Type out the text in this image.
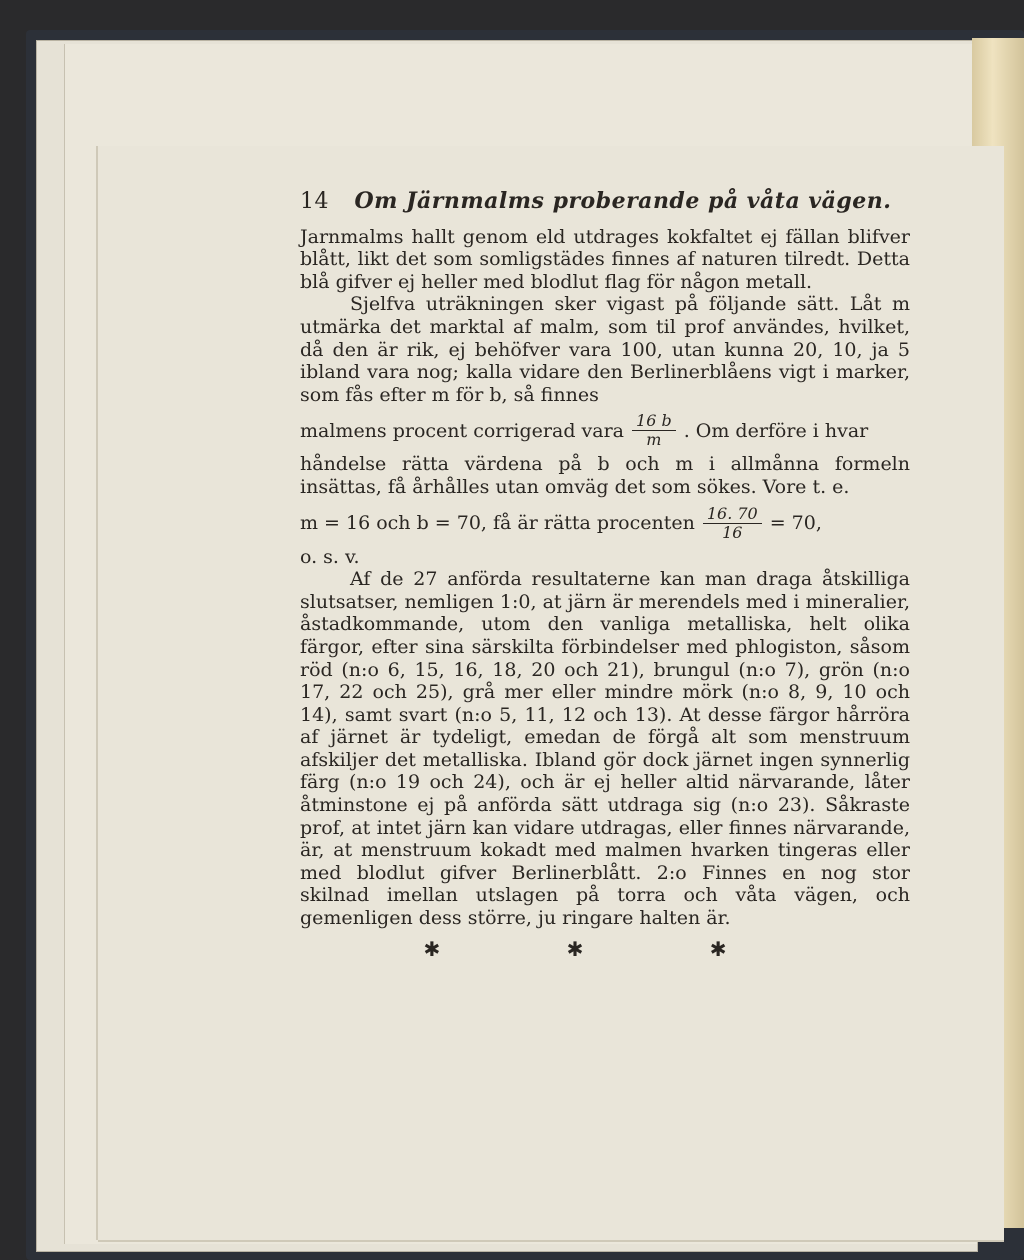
14 Om Järnmalms proberande på våta vägen.

Jarnmalms hallt genom eld utdrages kokfaltet ej fällan blifver blått, likt det som somligstädes finnes af naturen tilredt. Detta blå gifver ej heller med blodlut flag för någon metall.

Sjelfva uträkningen sker vigast på följande sätt. Låt m utmärka det marktal af malm, som til prof användes, hvilket, då den är rik, ej behöfver vara 100, utan kunna 20, 10, ja 5 ibland vara nog; kalla vidare den Berlinerblåens vigt i marker, som fås efter m för b, så finnes

malmens procent corrigerad vara $\frac{16 b}{m}$ . Om derföre i hvar

håndelse rätta värdena på b och m i allmånna formeln insättas, få århålles utan omväg det som sökes. Vore t. e.

m = 16 och b = 70, få är rätta procenten $\frac{16. 70}{16} = 70$,
o. s. v.

Af de 27 anförda resultaterne kan man draga åtskilliga slutsatser, nemligen 1:0, at järn är merendels med i mineralier, åstadkommande, utom den vanliga metalliska, helt olika färgor, efter sina särskilta förbindelser med phlogiston, såsom röd (n:o 6, 15, 16, 18, 20 och 21), brungul (n:o 7), grön (n:o 17, 22 och 25), grå mer eller mindre mörk (n:o 8, 9, 10 och 14), samt svart (n:o 5, 11, 12 och 13). At desse färgor hårröra af järnet är tydeligt, emedan de förgå alt som menstruum afskiljer det metalliska. Ibland gör dock järnet ingen synnerlig färg (n:o 19 och 24), och är ej heller altid närvarande, låter åtminstone ej på anförda sätt utdraga sig (n:o 23). Såkraste prof, at intet järn kan vidare utdragas, eller finnes närvarande, är, at menstruum kokadt med malmen hvarken tingeras eller med blodlut gifver Berlinerblått. 2:o Finnes en nog stor skilnad imellan utslagen på torra och våta vägen, och gemenligen dess större, ju ringare halten är.

✱ ✱ ✱
